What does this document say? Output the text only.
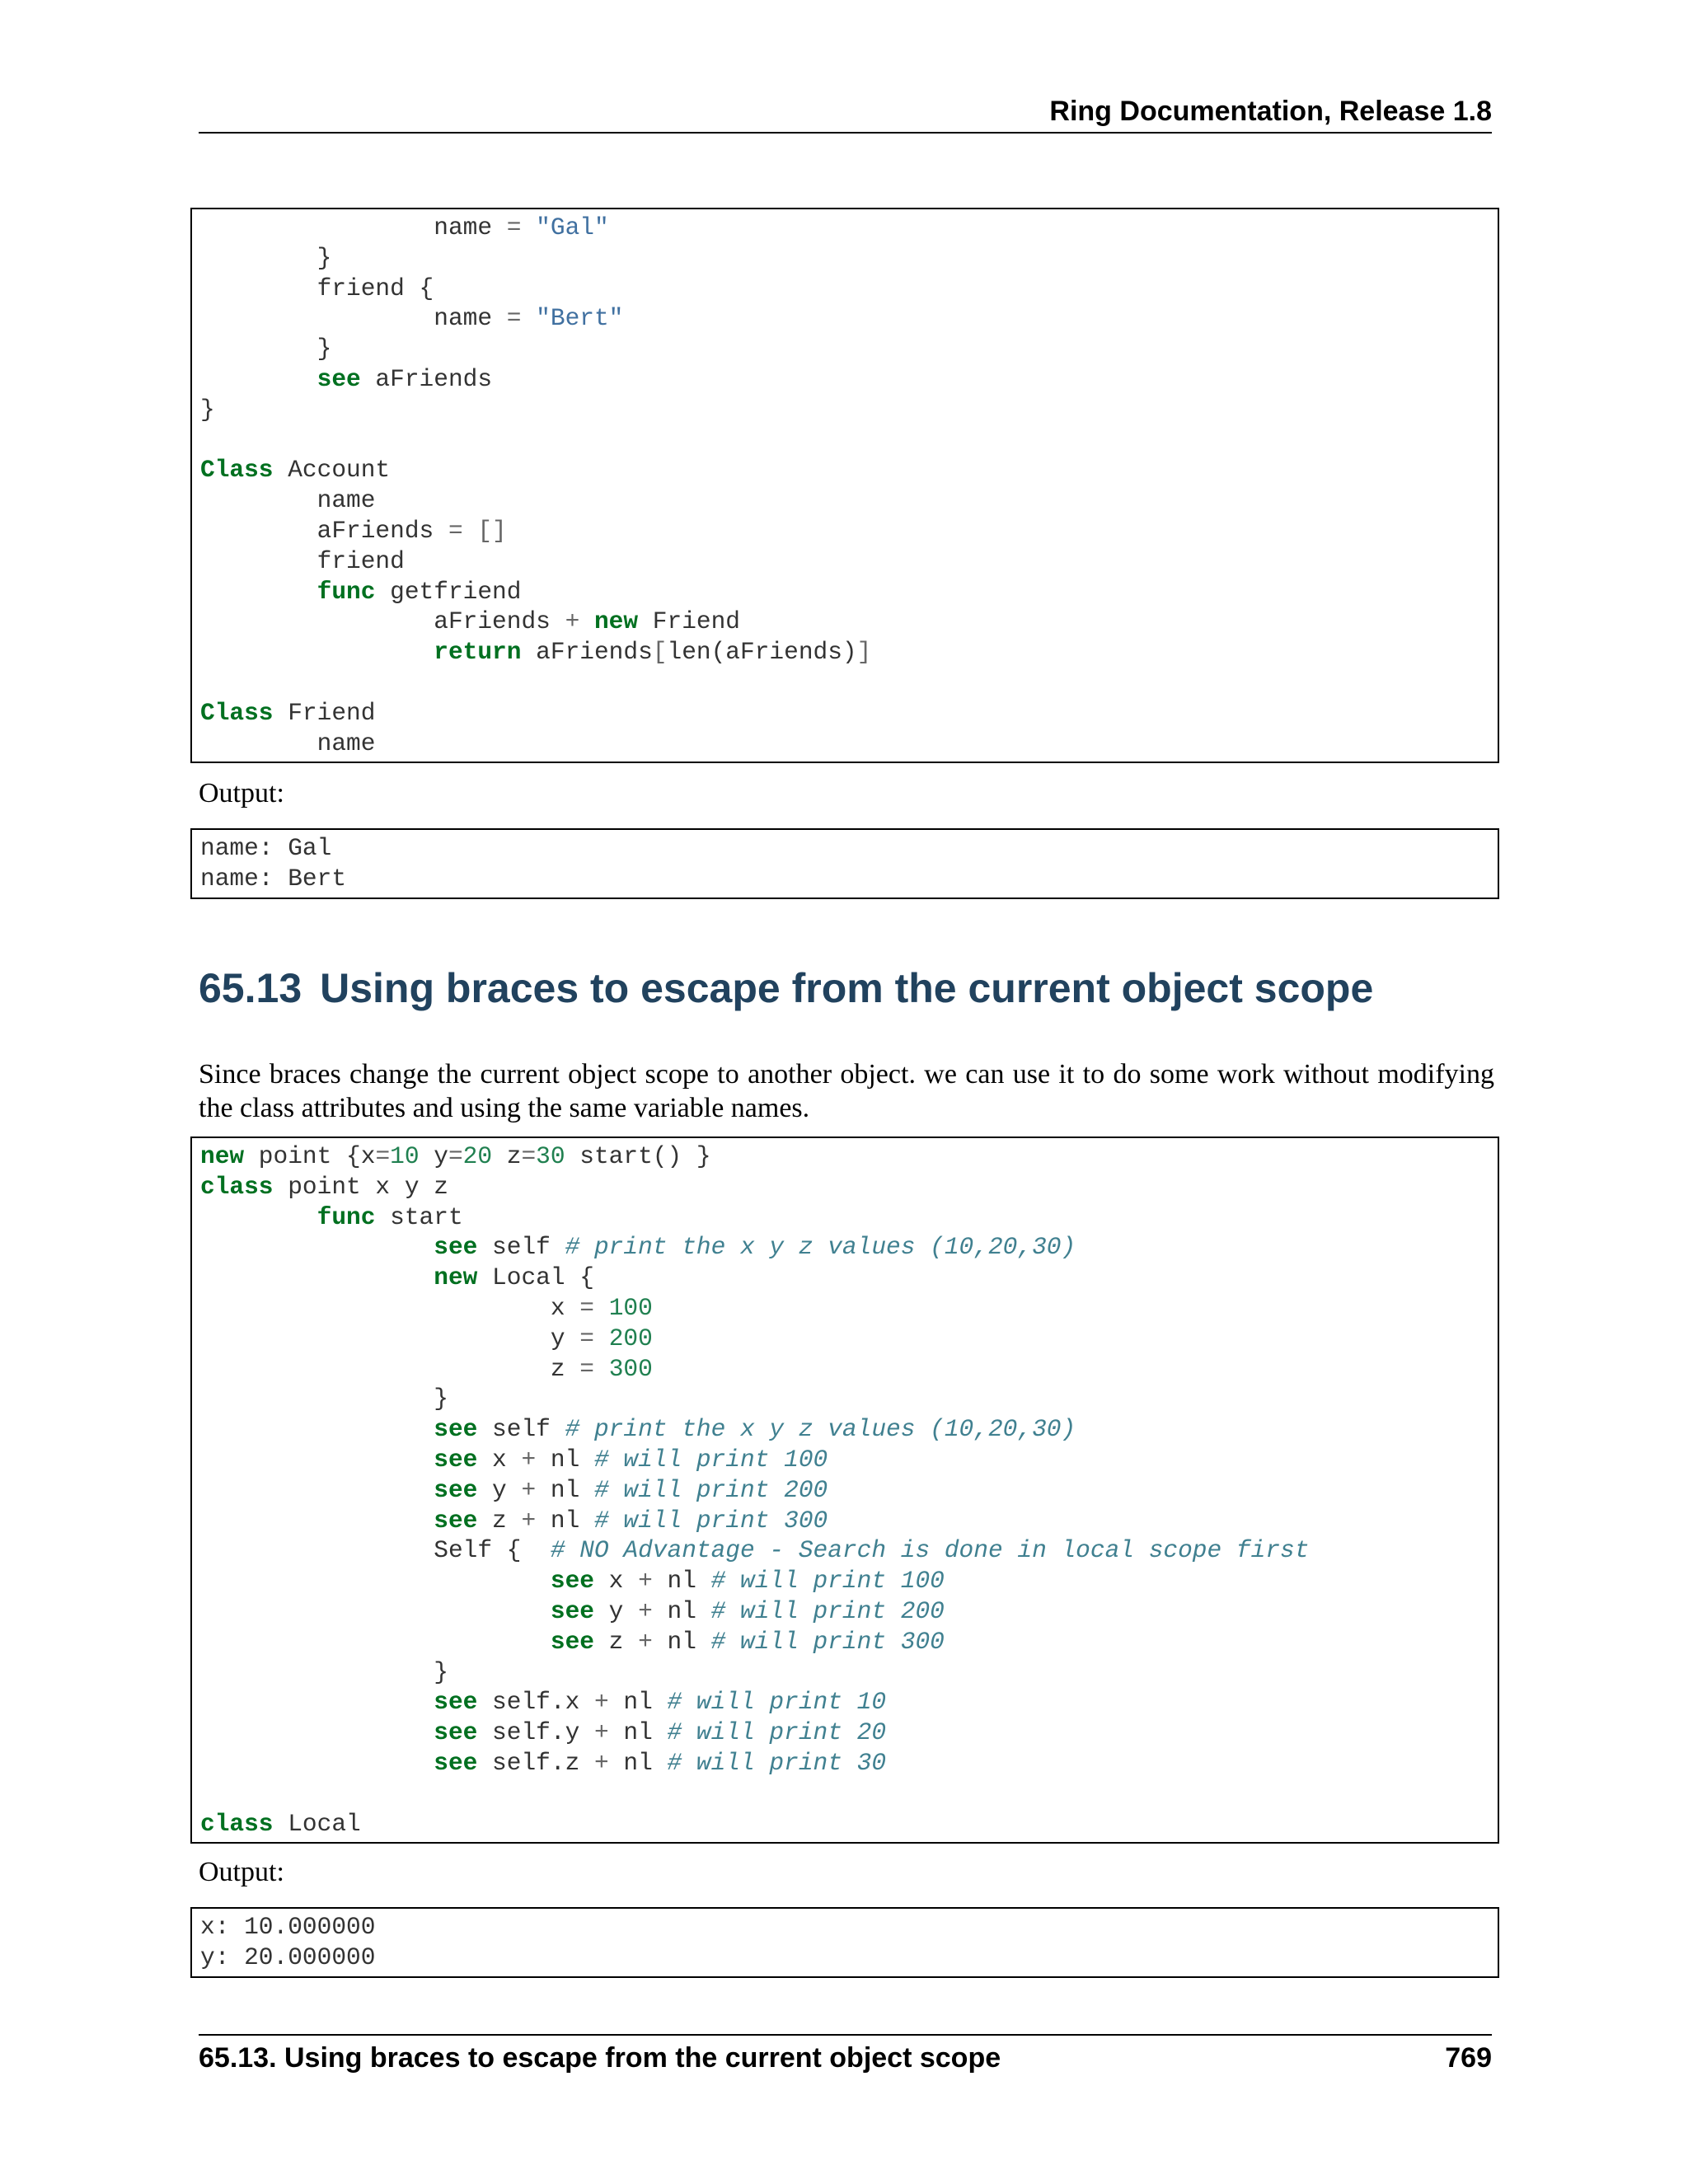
Ring Documentation, Release 1.8
name = "Gal"
}
friend {
name = "Bert"
}
see aFriends
}

Class Account
name
aFriends = []
friend
func getfriend
aFriends + new Friend
return aFriends[len(aFriends)]

Class Friend
name
Output:
name: Gal
name: Bert
65.13 Using braces to escape from the current object scope
Since braces change the current object scope to another object. we can use it to do some work without modifying the class attributes and using the same variable names.
new point {x=10 y=20 z=30 start() }
class point x y z
func start
see self # print the x y z values (10,20,30)
new Local {
x = 100
y = 200
z = 300
}
see self # print the x y z values (10,20,30)
see x + nl # will print 100
see y + nl # will print 200
see z + nl # will print 300
Self {  # NO Advantage - Search is done in local scope first
see x + nl # will print 100
see y + nl # will print 200
see z + nl # will print 300
}
see self.x + nl # will print 10
see self.y + nl # will print 20
see self.z + nl # will print 30

class Local
Output:
x: 10.000000
y: 20.000000
65.13. Using braces to escape from the current object scope	769
